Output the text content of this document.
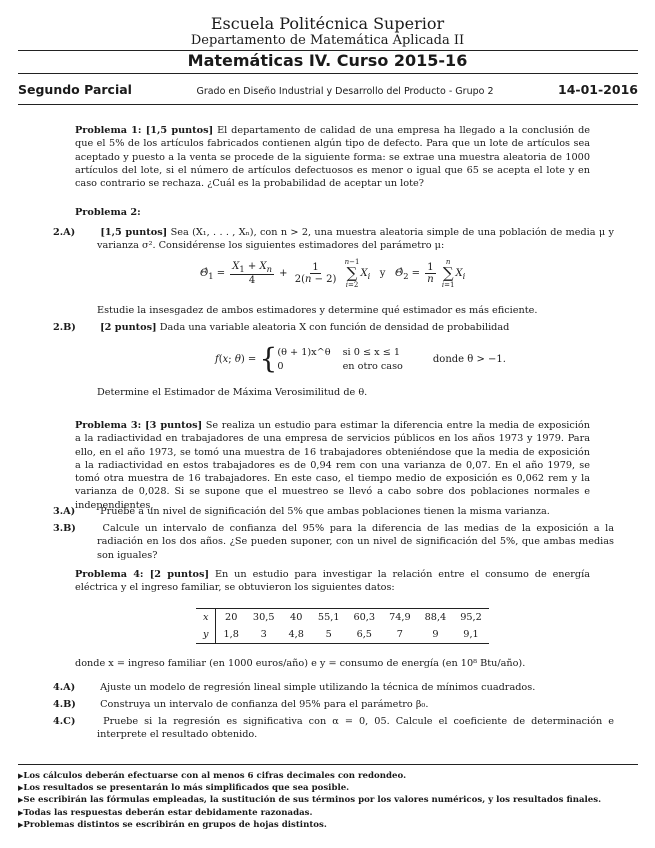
Escuela Politécnica Superior
Departamento de Matemática Aplicada II
Matemáticas IV. Curso 2015-16
Segundo Parcial	Grado en Diseño Industrial y Desarrollo del Producto - Grupo 2	14-01-2016
Problema 1: [1,5 puntos] El departamento de calidad de una empresa ha llegado a la conclusión de que el 5% de los artículos fabricados contienen algún tipo de defecto. Para que un lote de artículos sea aceptado y puesto a la venta se procede de la siguiente forma: se extrae una muestra aleatoria de 1000 artículos del lote, si el número de artículos defectuosos es menor o igual que 65 se acepta el lote y en caso contrario se rechaza. ¿Cuál es la probabilidad de aceptar un lote?
Problema 2:
2.A)	[1,5 puntos] Sea (X₁, . . . , Xₙ), con n > 2, una muestra aleatoria simple de una población de media μ y varianza σ². Considérense los siguientes estimadores del parámetro μ:
$\Thetâ_1 = \frac{X_1 + X_n}{4} + \frac{1}{2(n - 2)}$
n−1
∑
i=2
$X_i$   y   $\Thetâ_2 = \frac{1}{n}$
n
∑
i=1
$X_i$
Estudie la insesgadez de ambos estimadores y determine qué estimador es más eficiente.
2.B) [2 puntos] Dada una variable aleatoria X con función de densidad de probabilidad
f(x; θ) = { (θ + 1)x^θ si 0 ≤ x ≤ 1
0	en otro caso
donde θ > −1.
Determine el Estimador de Máxima Verosimilitud de θ.
Problema 3: [3 puntos] Se realiza un estudio para estimar la diferencia entre la media de exposición a la radiactividad en trabajadores de una empresa de servicios públicos en los años 1973 y 1979. Para ello, en el año 1973, se tomó una muestra de 16 trabajadores obteniéndose que la media de exposición a la radiactividad en estos trabajadores es de 0,94 rem con una varianza de 0,07. En el año 1979, se tomó otra muestra de 16 trabajadores. En este caso, el tiempo medio de exposición es 0,062 rem y la varianza de 0,028. Si se supone que el muestreo se llevó a cabo sobre dos poblaciones normales e independientes,
3.A)	Pruebe a un nivel de significación del 5% que ambas poblaciones tienen la misma varianza.
3.B)	Calcule un intervalo de confianza del 95% para la diferencia de las medias de la exposición a la radiación en los dos años. ¿Se pueden suponer, con un nivel de significación del 5%, que ambas medias son iguales?
Problema 4: [2 puntos] En un estudio para investigar la relación entre el consumo de energía eléctrica y el ingreso familiar, se obtuvieron los siguientes datos:
x	20	30,5	40	55,1	60,3	74,9	88,4	95,2
y	1,8	3	4,8	5	6,5	7	9	9,1
donde x = ingreso familiar (en 1000 euros/año) e y = consumo de energía (en 10⁸ Btu/año).
4.A)	Ajuste un modelo de regresión lineal simple utilizando la técnica de mínimos cuadrados.
4.B) Construya un intervalo de confianza del 95% para el parámetro β₀.
4.C)	Pruebe si la regresión es significativa con α = 0, 05. Calcule el coeficiente de determinación e interprete el resultado obtenido.
▶ Los cálculos deberán efectuarse con al menos 6 cifras decimales con redondeo.
▶ Los resultados se presentarán lo más simplificados que sea posible.
▶ Se escribirán las fórmulas empleadas, la sustitución de sus términos por los valores numéricos, y los resultados finales.
▶ Todas las respuestas deberán estar debidamente razonadas.
▶ Problemas distintos se escribirán en grupos de hojas distintos.
